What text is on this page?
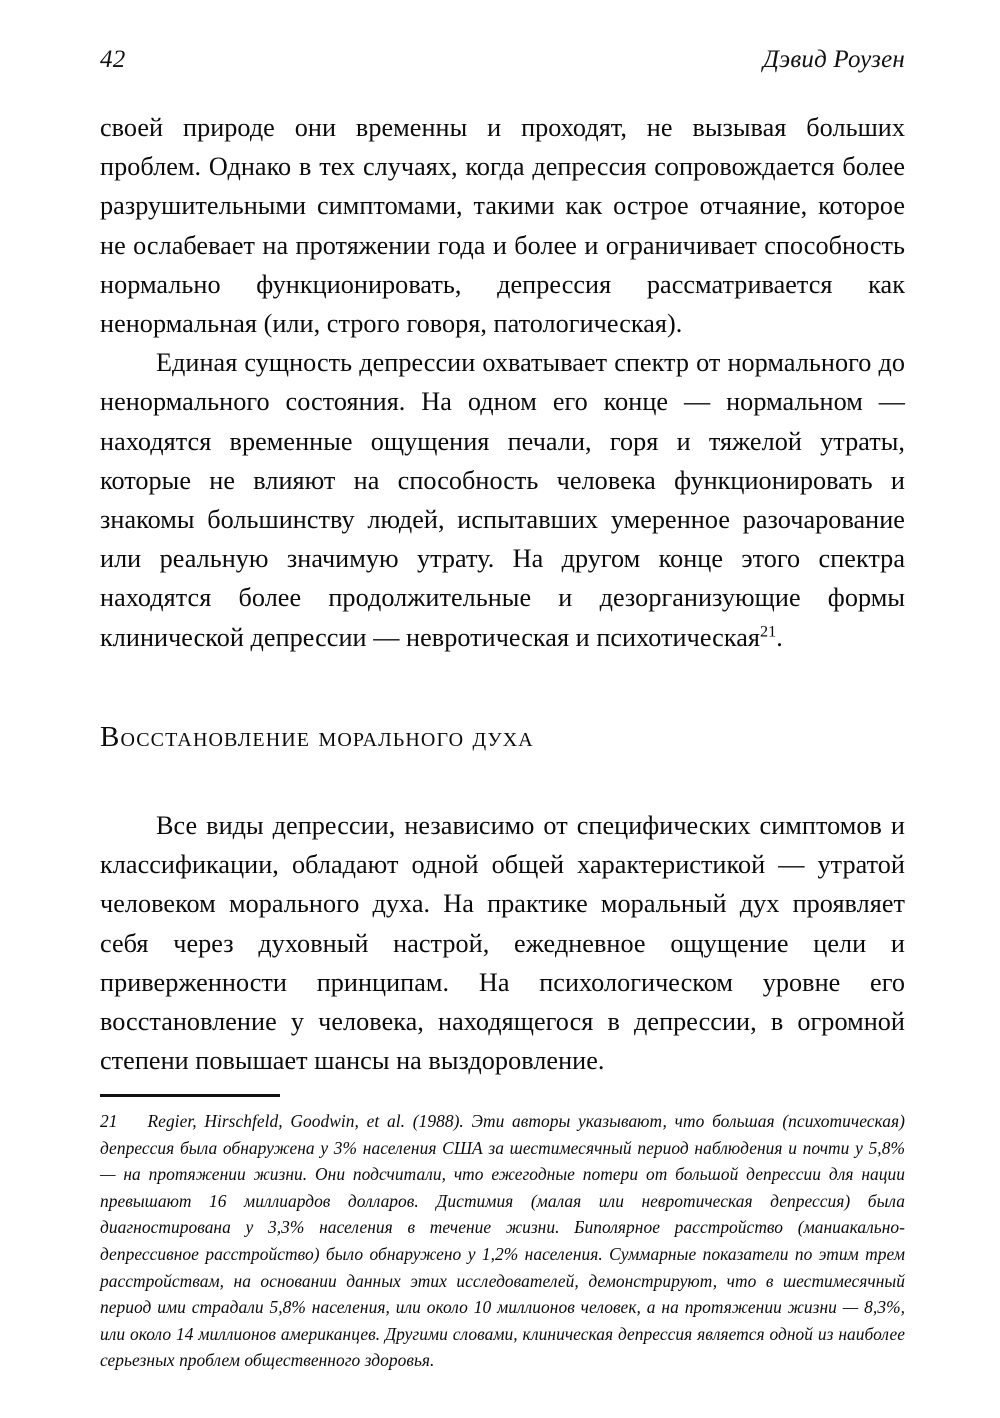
42	Дэвид Роузен

своей природе они временны и проходят, не вызывая больших проблем. Однако в тех случаях, когда депрессия сопровождается более разрушительными симптомами, такими как острое отчаяние, которое не ослабевает на протяжении года и более и ограничивает способность нормально функционировать, депрессия рассматривается как ненормальная (или, строго говоря, патологическая).

Единая сущность депрессии охватывает спектр от нормального до ненормального состояния. На одном его конце — нормальном — находятся временные ощущения печали, горя и тяжелой утраты, которые не влияют на способность человека функционировать и знакомы большинству людей, испытавших умеренное разочарование или реальную значимую утрату. На другом конце этого спектра находятся более продолжительные и дезорганизующие формы клинической депрессии — невротическая и психотическая$^{21}$.

Восстановление морального духа

Все виды депрессии, независимо от специфических симптомов и классификации, обладают одной общей характеристикой — утратой человеком морального духа. На практике моральный дух проявляет себя через духовный настрой, ежедневное ощущение цели и приверженности принципам. На психологическом уровне его восстановление у человека, находящегося в депрессии, в огромной степени повышает шансы на выздоровление.

21 Regier, Hirschfeld, Goodwin, et al. (1988). Эти авторы указывают, что большая (психотическая) депрессия была обнаружена у 3% населения США за шестимесячный период наблюдения и почти у 5,8% — на протяжении жизни. Они подсчитали, что ежегодные потери от большой депрессии для нации превышают 16 миллиардов долларов. Дистимия (малая или невротическая депрессия) была диагностирована у 3,3% населения в течение жизни. Биполярное расстройство (маниакально-депрессивное расстройство) было обнаружено у 1,2% населения. Суммарные показатели по этим трем расстройствам, на основании данных этих исследователей, демонстрируют, что в шестимесячный период ими страдали 5,8% населения, или около 10 миллионов человек, а на протяжении жизни — 8,3%, или около 14 миллионов американцев. Другими словами, клиническая депрессия является одной из наиболее серьезных проблем общественного здоровья.
